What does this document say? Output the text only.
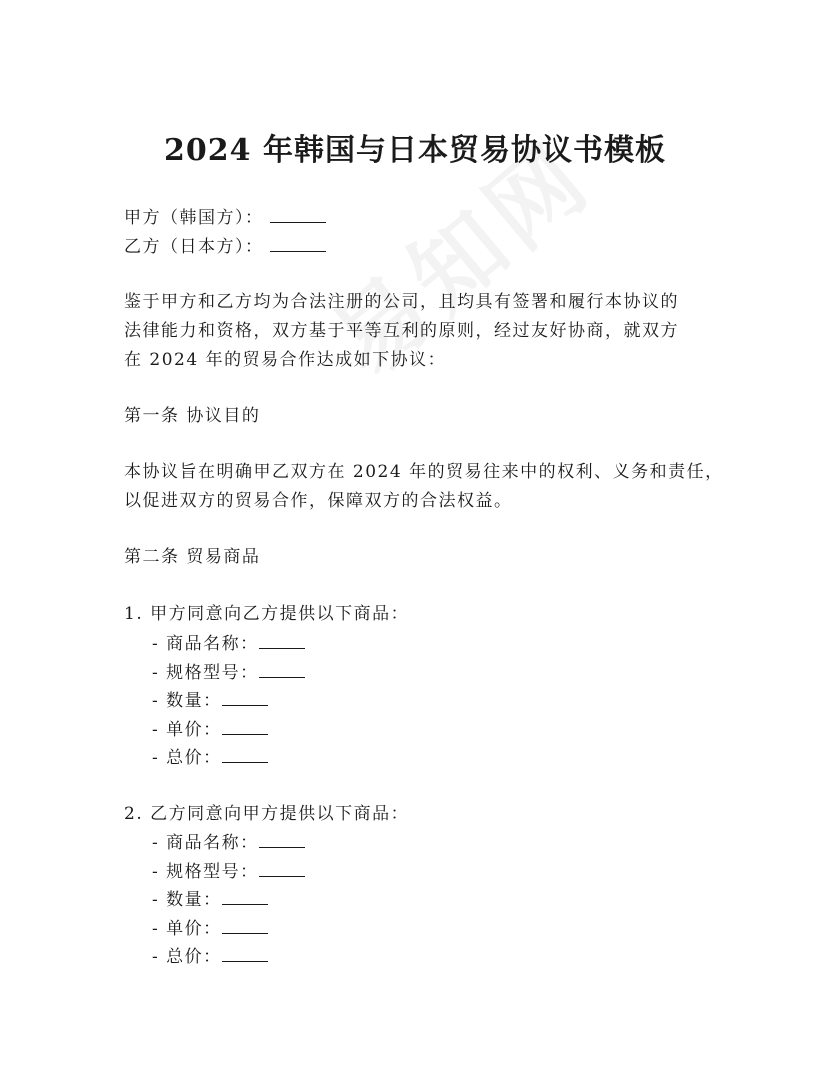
2024 年韩国与日本贸易协议书模板
甲方（韩国方）：
乙方（日本方）：
鉴于甲方和乙方均为合法注册的公司，且均具有签署和履行本协议的
法律能力和资格，双方基于平等互利的原则，经过友好协商，就双方
在 2024 年的贸易合作达成如下协议：
第一条 协议目的
本协议旨在明确甲乙双方在 2024 年的贸易往来中的权利、义务和责任，
以促进双方的贸易合作，保障双方的合法权益。
第二条 贸易商品
1. 甲方同意向乙方提供以下商品：
- 商品名称：
- 规格型号：
- 数量：
- 单价：
- 总价：
2. 乙方同意向甲方提供以下商品：
- 商品名称：
- 规格型号：
- 数量：
- 单价：
- 总价：
